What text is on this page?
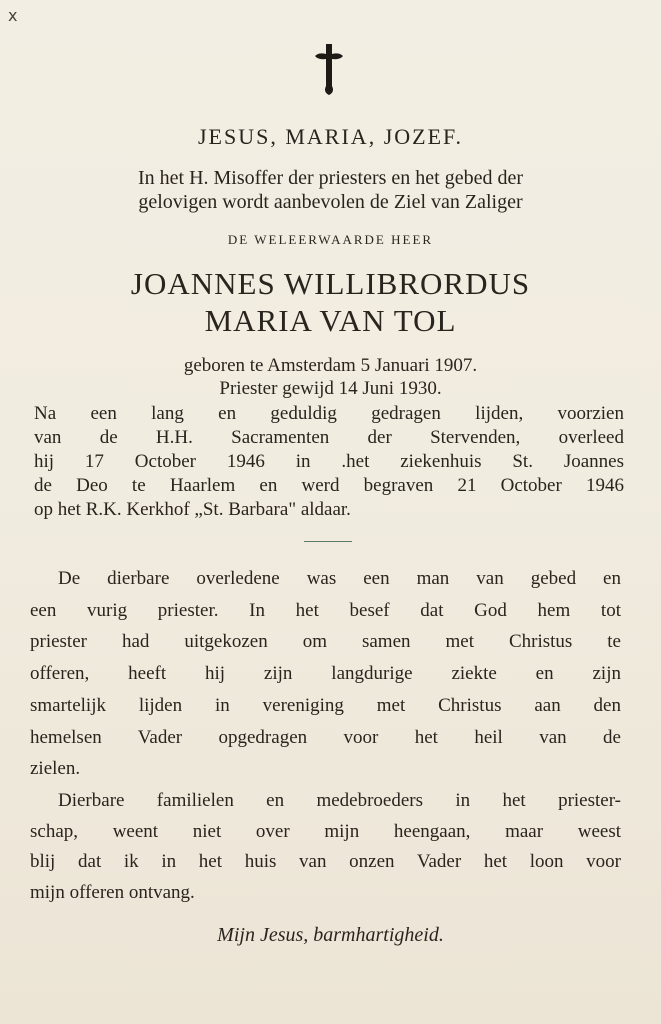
x
JESUS, MARIA, JOZEF.
In het H. Misoffer der priesters en het gebed der
gelovigen wordt aanbevolen de Ziel van Zaliger
DE WELEERWAARDE HEER
JOANNES WILLIBRORDUS
MARIA VAN TOL
geboren te Amsterdam 5 Januari 1907.
Priester gewijd 14 Juni 1930.
Na een lang en geduldig gedragen lijden, voorzien
van de H.H. Sacramenten der Stervenden, overleed
hij 17 October 1946 in .het ziekenhuis St. Joannes
de Deo te Haarlem en werd begraven 21 October 1946
op het R.K. Kerkhof „St. Barbara" aldaar.
De dierbare overledene was een man van gebed en
een vurig priester. In het besef dat God hem tot
priester had uitgekozen om samen met Christus te
offeren, heeft hij zijn langdurige ziekte en zijn
smartelijk lijden in vereniging met Christus aan den
hemelsen Vader opgedragen voor het heil van de
zielen.
Dierbare familielen en medebroeders in het priester-
schap, weent niet over mijn heengaan, maar weest
blij dat ik in het huis van onzen Vader het loon voor
mijn offeren ontvang.
Mijn Jesus, barmhartigheid.
